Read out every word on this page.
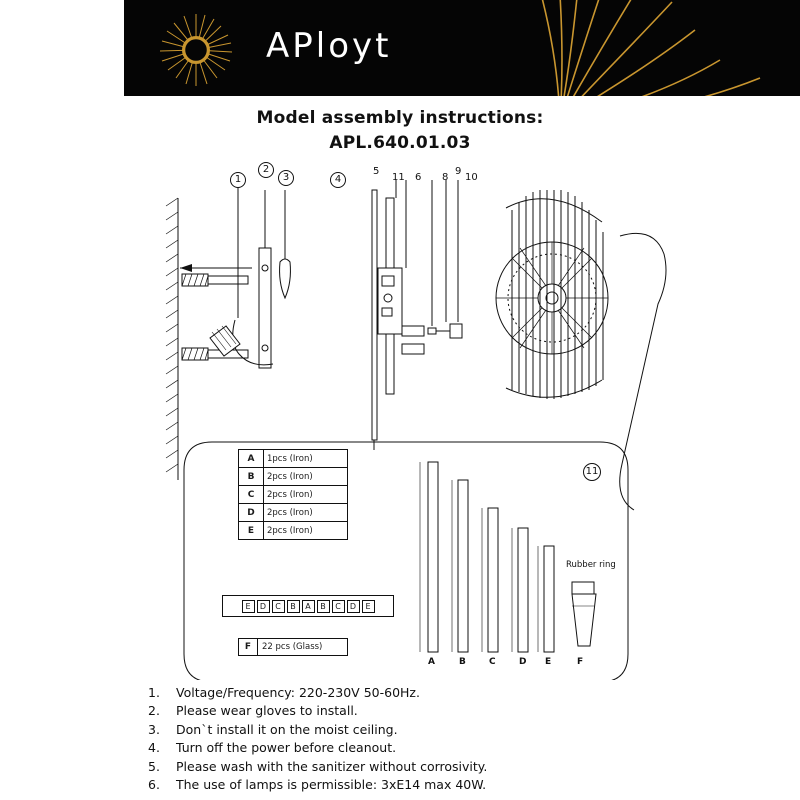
APloyt
Model assembly instructions:
APL.640.01.03
1
2
3	4
5
11 6 8
9
10
11
A	1pcs (Iron)
B	2pcs (Iron)
C	2pcs (Iron)
D	2pcs (Iron)
E	2pcs (Iron)
E	D	C	B	A	B	C	D	E
F	22 pcs (Glass)
Rubber ring
A	B	C	D E	F
1.	Voltage/Frequency: 220-230V 50-60Hz.
2.	Please wear gloves to install.
3.	Don`t install it on the moist ceiling.
4.	Turn off the power before cleanout.
5.	Please wash with the sanitizer without corrosivity.
6.	The use of lamps is permissible: 3xE14 max 40W.
